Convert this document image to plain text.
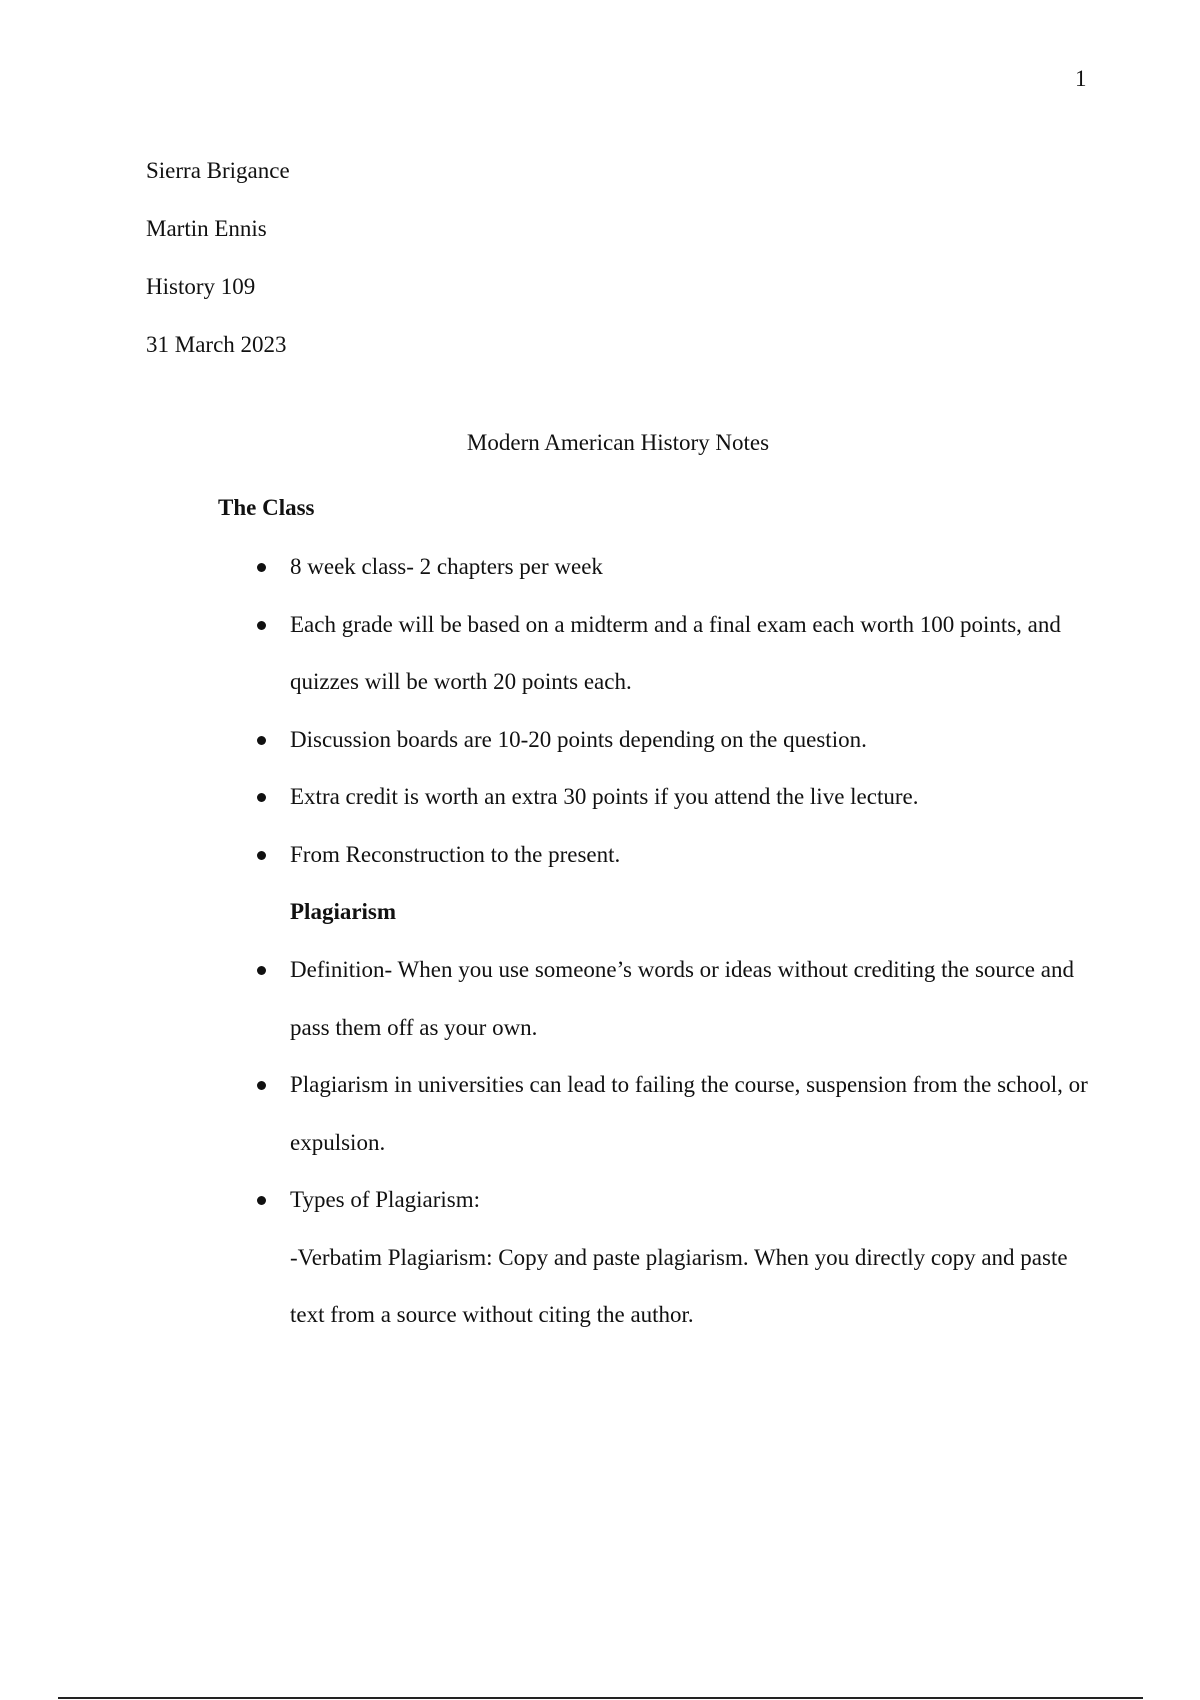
1
Sierra Brigance
Martin Ennis
History 109
31 March 2023
Modern American History Notes
The Class
8 week class- 2 chapters per week
Each grade will be based on a midterm and a final exam each worth 100 points, and quizzes will be worth 20 points each.
Discussion boards are 10-20 points depending on the question.
Extra credit is worth an extra 30 points if you attend the live lecture.
From Reconstruction to the present.
Plagiarism
Definition- When you use someone’s words or ideas without crediting the source and pass them off as your own.
Plagiarism in universities can lead to failing the course, suspension from the school, or expulsion.
Types of Plagiarism:
-Verbatim Plagiarism: Copy and paste plagiarism. When you directly copy and paste text from a source without citing the author.
